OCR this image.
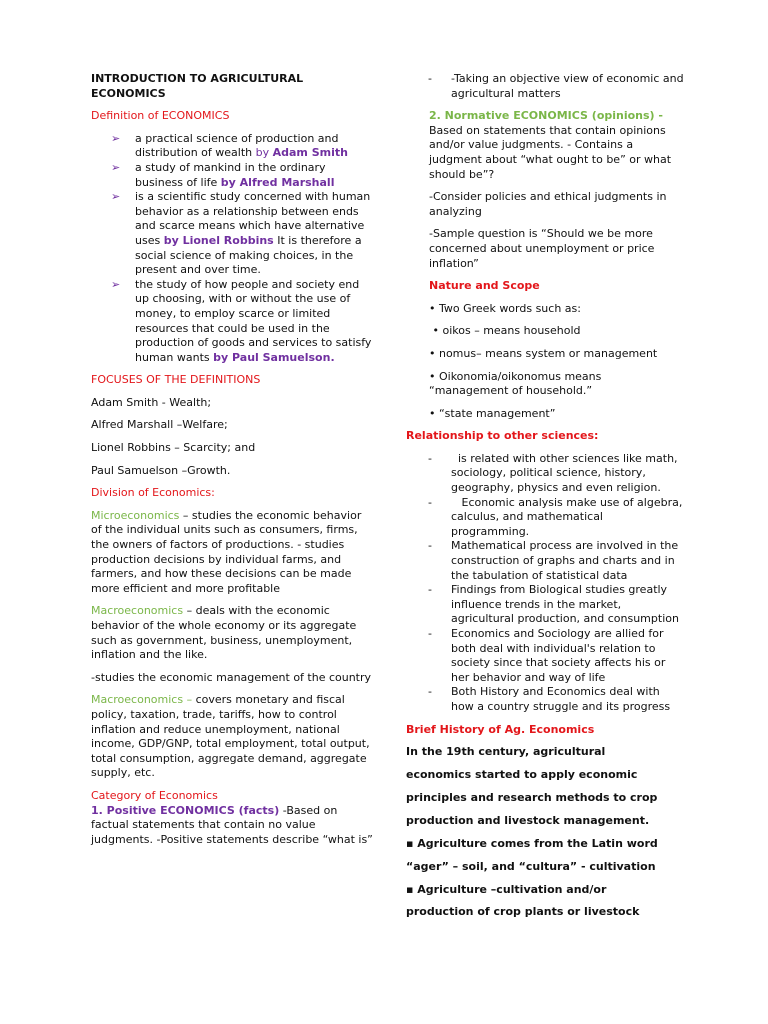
INTRODUCTION TO AGRICULTURAL ECONOMICS
Definition of ECONOMICS
➢ a practical science of production and distribution of wealth by Adam Smith
➢ a study of mankind in the ordinary business of life by Alfred Marshall
➢ is a scientific study concerned with human behavior as a relationship between ends and scarce means which have alternative uses by Lionel Robbins It is therefore a social science of making choices, in the present and over time.
➢ the study of how people and society end up choosing, with or without the use of money, to employ scarce or limited resources that could be used in the production of goods and services to satisfy human wants by Paul Samuelson.

FOCUSES OF THE DEFINITIONS

Adam Smith - Wealth;

Alfred Marshall –Welfare;

Lionel Robbins – Scarcity; and

Paul Samuelson –Growth.

Division of Economics:

Microeconomics – studies the economic behavior of the individual units such as consumers, firms, the owners of factors of productions. - studies production decisions by individual farms, and farmers, and how these decisions can be made more efficient and more profitable

Macroeconomics – deals with the economic behavior of the whole economy or its aggregate such as government, business, unemployment, inflation and the like.

-studies the economic management of the country

Macroeconomics – covers monetary and fiscal policy, taxation, trade, tariffs, how to control inflation and reduce unemployment, national income, GDP/GNP, total employment, total output, total consumption, aggregate demand, aggregate supply, etc.

Category of Economics

1. Positive ECONOMICS (facts) -Based on factual statements that contain no value judgments. -Positive statements describe “what is”

- -Taking an objective view of economic and agricultural matters

2. Normative ECONOMICS (opinions) - Based on statements that contain opinions and/or value judgments. - Contains a judgment about “what ought to be” or what should be”?

-Consider policies and ethical judgments in analyzing

-Sample question is “Should we be more concerned about unemployment or price inflation”

Nature and Scope

• Two Greek words such as:

• oikos – means household

• nomus– means system or management

• Oikonomia/oikonomus means “management of household.”

• “state management”

Relationship to other sciences:

- is related with other sciences like math, sociology, political science, history, geography, physics and even religion.
- Economic analysis make use of algebra, calculus, and mathematical programming.
- Mathematical process are involved in the construction of graphs and charts and in the tabulation of statistical data
- Findings from Biological studies greatly influence trends in the market, agricultural production, and consumption
- Economics and Sociology are allied for both deal with individual's relation to society since that society affects his or her behavior and way of life
- Both History and Economics deal with how a country struggle and its progress

Brief History of Ag. Economics

In the 19th century, agricultural

economics started to apply economic

principles and research methods to crop

production and livestock management.

▪ Agriculture comes from the Latin word

“ager” – soil, and “cultura” - cultivation

▪ Agriculture –cultivation and/or

production of crop plants or livestock
